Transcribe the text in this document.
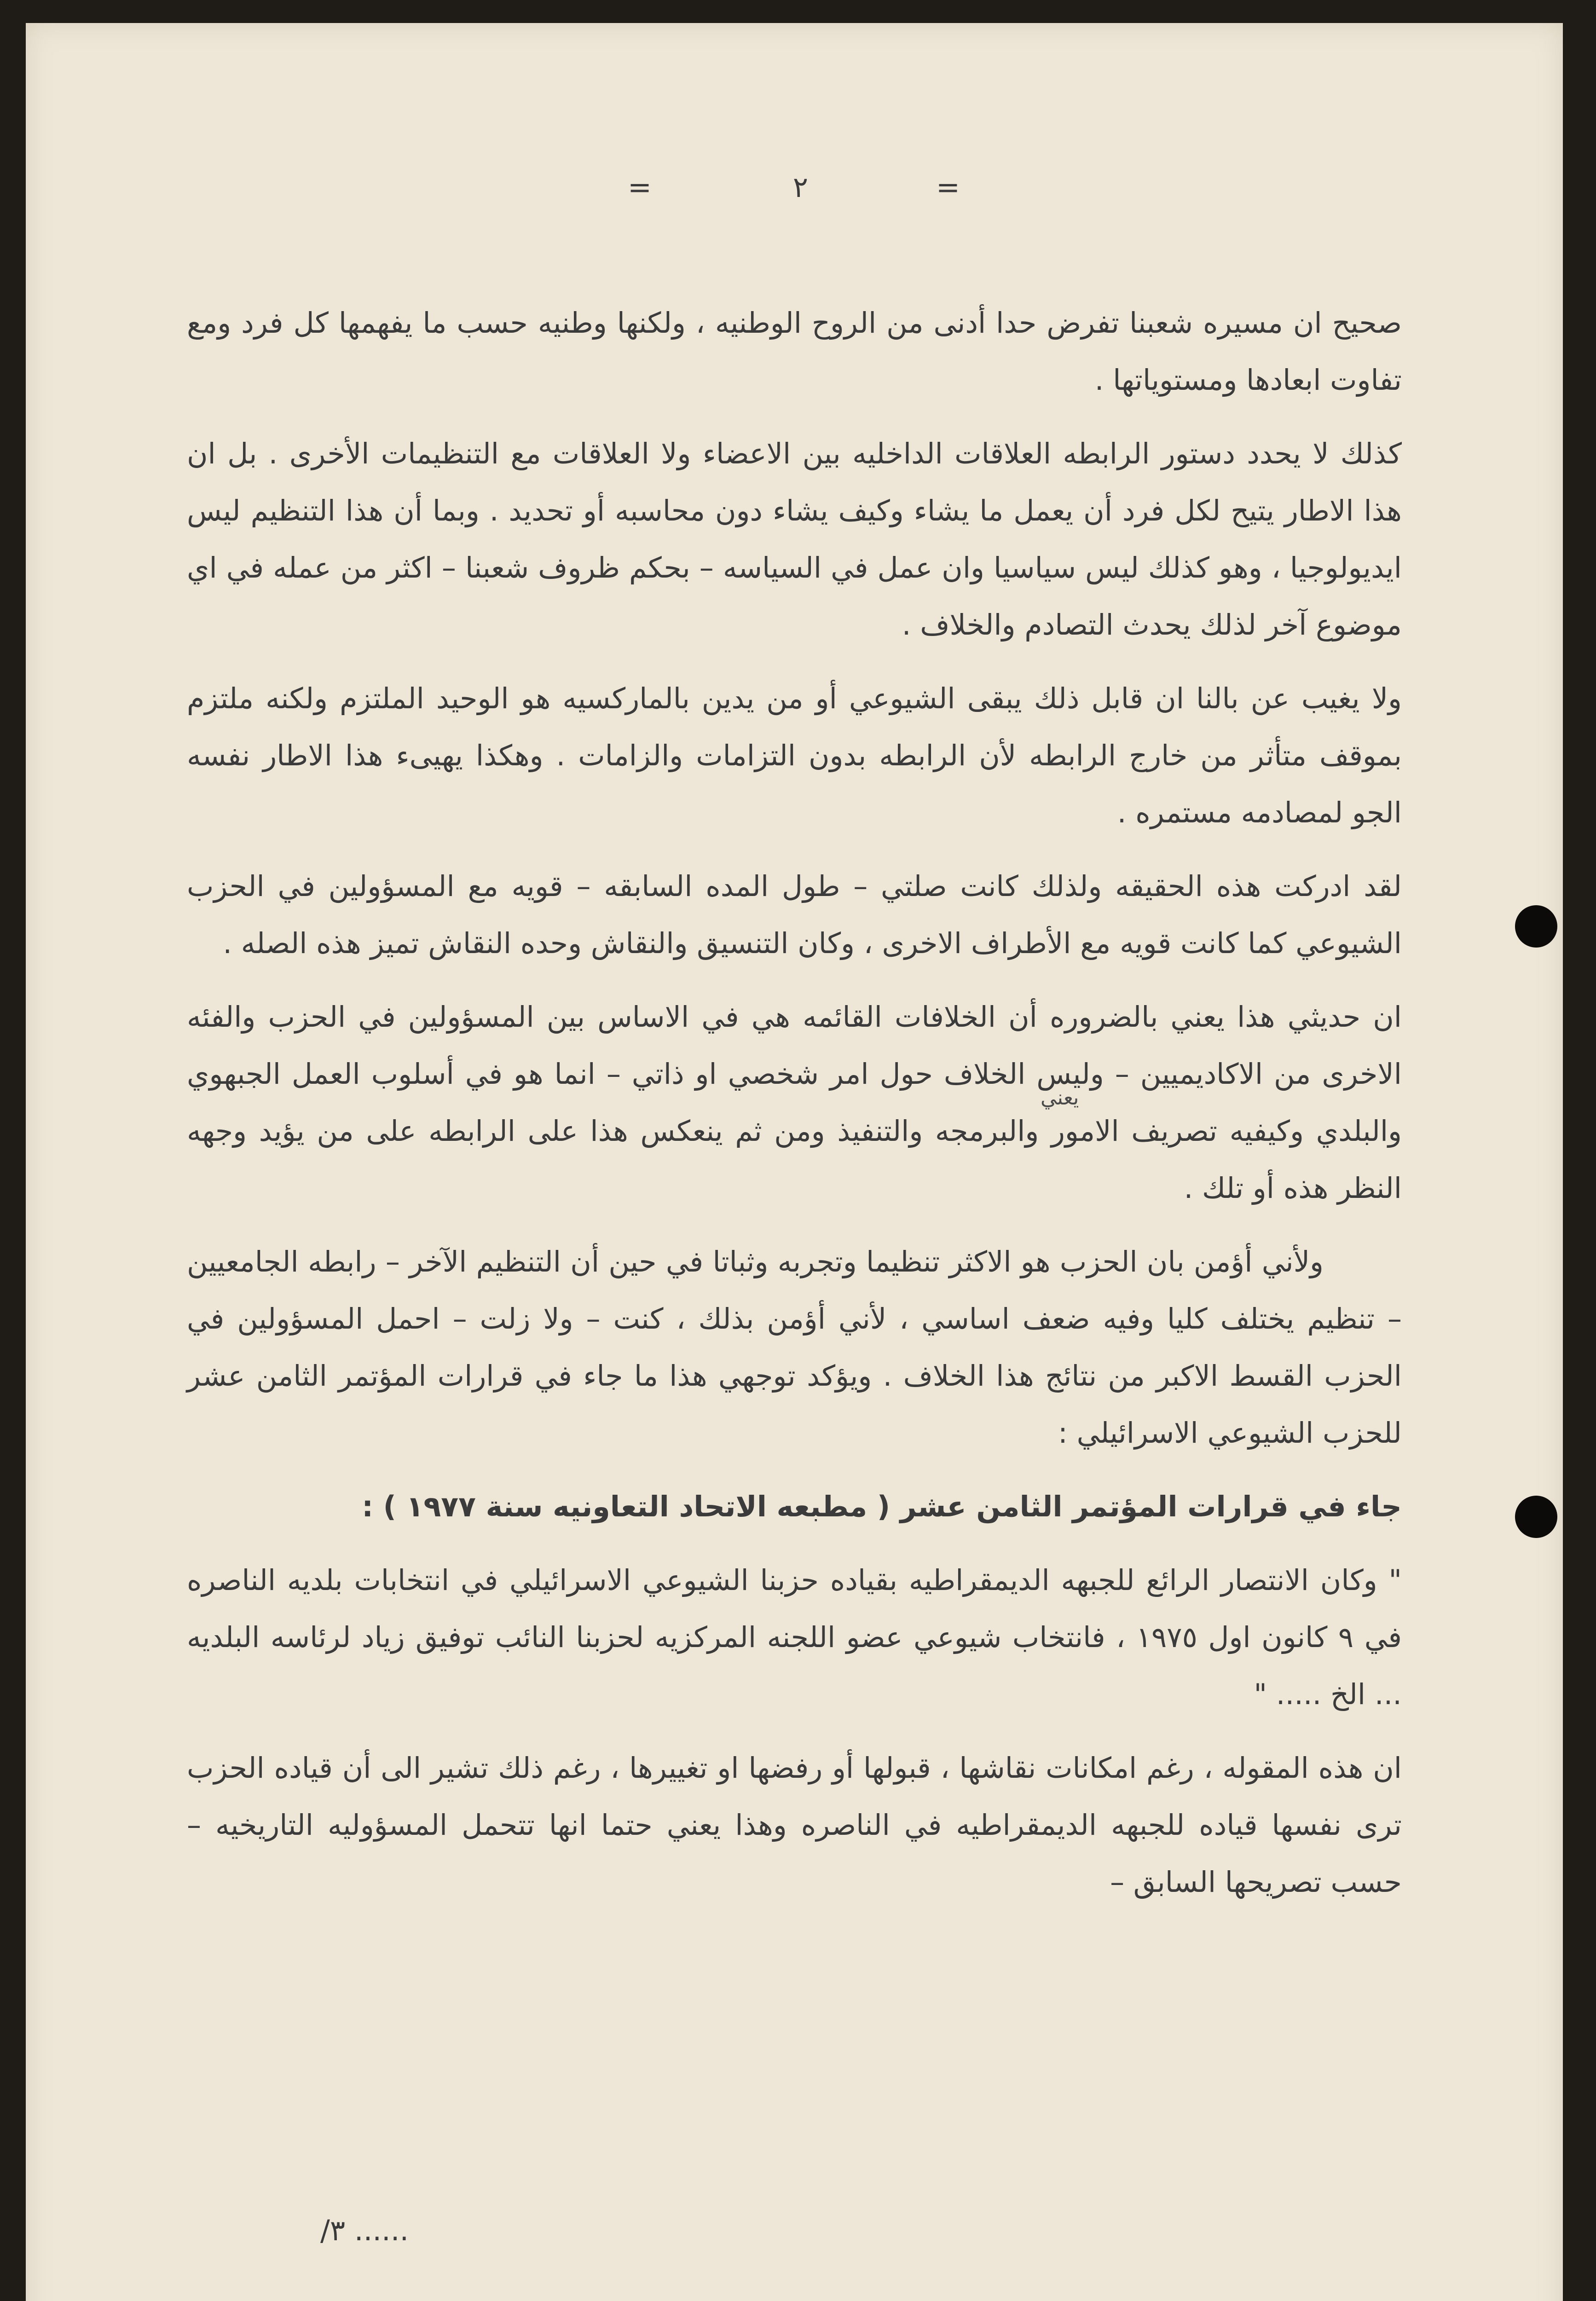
=
٢
=
يعني

صحيح ان مسيره شعبنا تفرض حدا أدنى من الروح الوطنيه ، ولكنها وطنيه حسب ما يفهمها كل فرد ومع تفاوت ابعادها ومستوياتها .

كذلك لا يحدد دستور الرابطه العلاقات الداخليه بين الاعضاء ولا العلاقات مع التنظيمات الأخرى . بل ان هذا الاطار يتيح لكل فرد أن يعمل ما يشاء وكيف يشاء دون محاسبه أو تحديد . وبما أن هذا التنظيم ليس ايديولوجيا ، وهو كذلك ليس سياسيا وان عمل في السياسه – بحكم ظروف شعبنا – اكثر من عمله في اي موضوع آخر لذلك يحدث التصادم والخلاف .

ولا يغيب عن بالنا ان قابل ذلك يبقى الشيوعي أو من يدين بالماركسيه هو الوحيد الملتزم ولكنه ملتزم بموقف متأثر من خارج الرابطه لأن الرابطه بدون التزامات والزامات . وهكذا يهيىء هذا الاطار نفسه الجو لمصادمه مستمره .

لقد ادركت هذه الحقيقه ولذلك كانت صلتي – طول المده السابقه – قويه مع المسؤولين في الحزب الشيوعي كما كانت قويه مع الأطراف الاخرى ، وكان التنسيق والنقاش وحده النقاش تميز هذه الصله .

ان حديثي هذا يعني بالضروره أن الخلافات القائمه هي في الاساس بين المسؤولين في الحزب والفئه الاخرى من الاكاديميين – وليس الخلاف حول امر شخصي او ذاتي – انما هو في أسلوب العمل الجبهوي والبلدي وكيفيه تصريف الامور والبرمجه والتنفيذ ومن ثم ينعكس هذا على الرابطه على من يؤيد وجهه النظر هذه أو تلك .

ولأني أؤمن بان الحزب هو الاكثر تنظيما وتجربه وثباتا في حين أن التنظيم الآخر – رابطه الجامعيين – تنظيم يختلف كليا وفيه ضعف اساسي ، لأني أؤمن بذلك ، كنت – ولا زلت – احمل المسؤولين في الحزب القسط الاكبر من نتائج هذا الخلاف . ويؤكد توجهي هذا ما جاء في قرارات المؤتمر الثامن عشر للحزب الشيوعي الاسرائيلي :

جاء في قرارات المؤتمر الثامن عشر ( مطبعه الاتحاد التعاونيه سنة ١٩٧٧ ) :

" وكان الانتصار الرائع للجبهه الديمقراطيه بقياده حزبنا الشيوعي الاسرائيلي في انتخابات بلديه الناصره في ٩ كانون اول ١٩٧٥ ، فانتخاب شيوعي عضو اللجنه المركزيه لحزبنا النائب توفيق زياد لرئاسه البلديه ... الخ ..... "

ان هذه المقوله ، رغم امكانات نقاشها ، قبولها أو رفضها او تغييرها ، رغم ذلك تشير الى أن قياده الحزب ترى نفسها قياده للجبهه الديمقراطيه في الناصره وهذا يعني حتما انها تتحمل المسؤوليه التاريخيه – حسب تصريحها السابق –

/٣ ......
